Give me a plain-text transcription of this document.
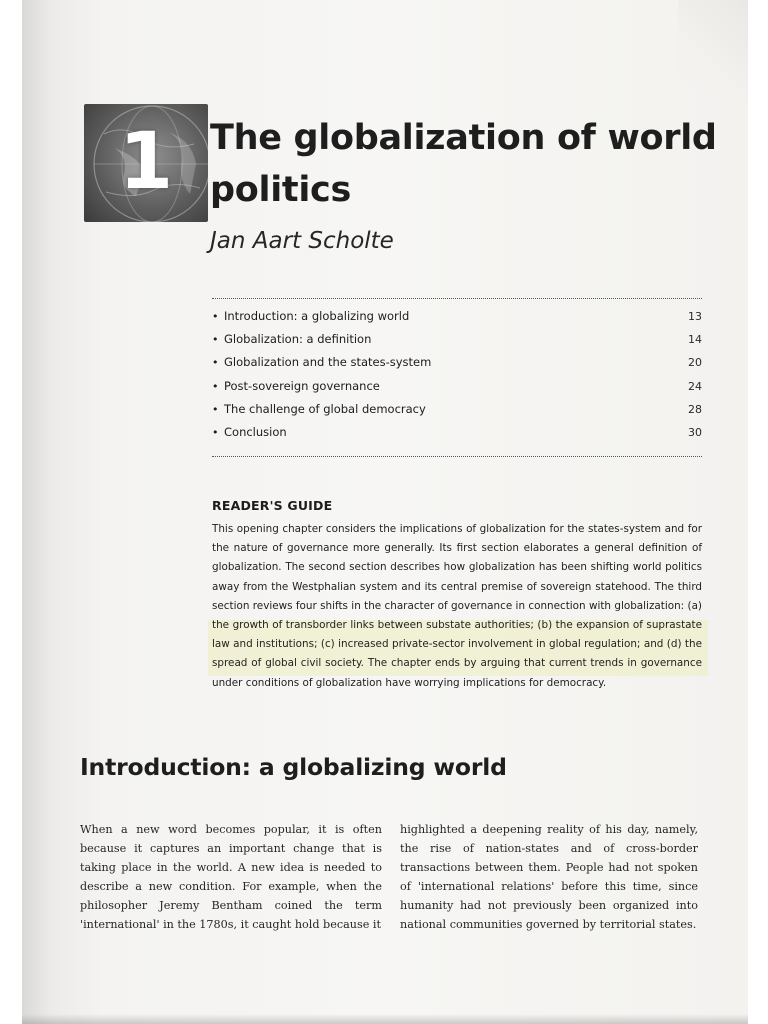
1	The globalization of world politics
Jan Aart Scholte
• Introduction: a globalizing world	13
• Globalization: a definition	14
• Globalization and the states-system	20
• Post-sovereign governance	24
• The challenge of global democracy	28
• Conclusion	30
READER'S GUIDE
This opening chapter considers the implications of globalization for the states-system and for the nature of governance more generally. Its first section elaborates a general definition of globalization. The second section describes how globalization has been shifting world politics away from the Westphalian system and its central premise of sovereign statehood. The third section reviews four shifts in the character of governance in connection with globalization: (a) the growth of transborder links between substate authorities; (b) the expansion of suprastate law and institutions; (c) increased private-sector involvement in global regulation; and (d) the spread of global civil society. The chapter ends by arguing that current trends in governance under conditions of globalization have worrying implications for democracy.
Introduction: a globalizing world
When a new word becomes popular, it is often because it captures an important change that is taking place in the world. A new idea is needed to describe a new condition. For example, when the philosopher Jeremy Bentham coined the term 'international' in the 1780s, it caught hold because it
highlighted a deepening reality of his day, namely, the rise of nation-states and of cross-border transactions between them. People had not spoken of 'international relations' before this time, since humanity had not previously been organized into national communities governed by territorial states.
